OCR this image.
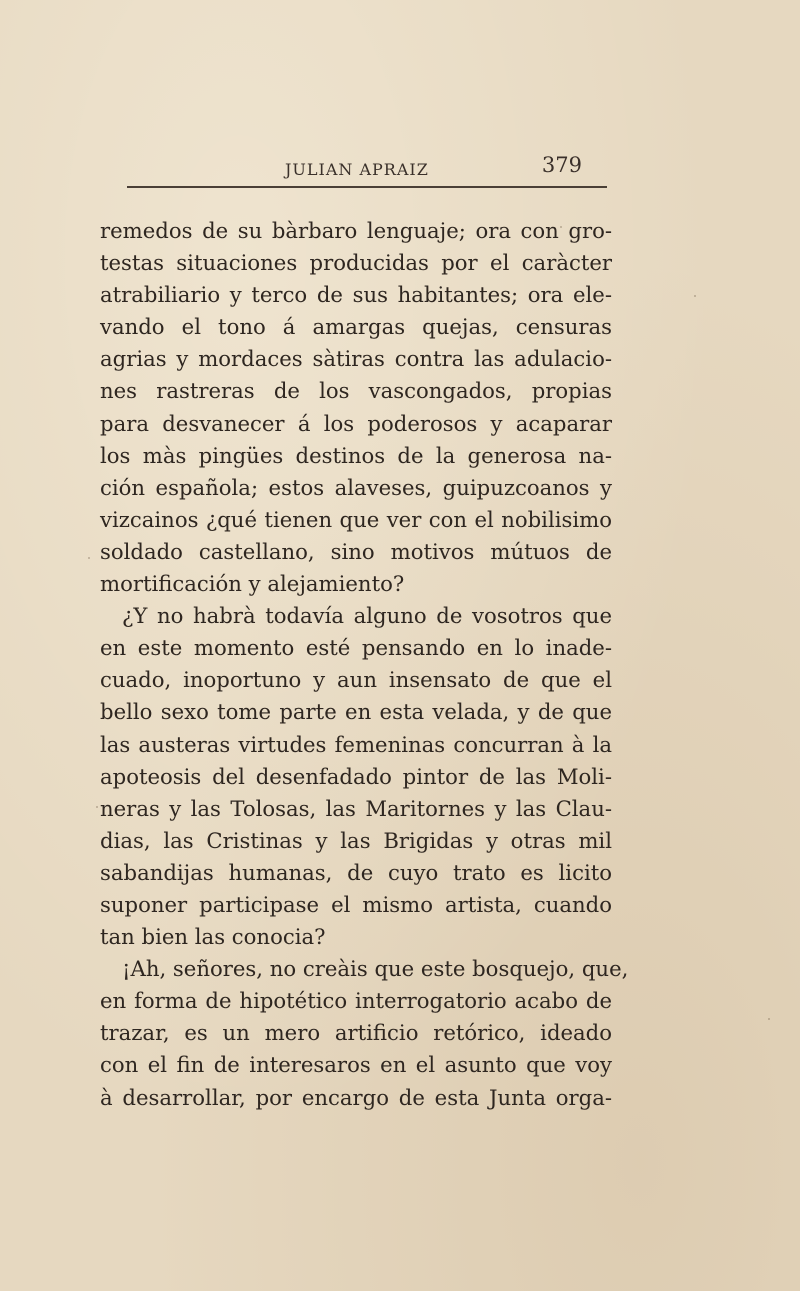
JULIAN APRAIZ	379
remedos de su bàrbaro lenguaje; ora con gro-
testas situaciones producidas por el caràcter
atrabiliario y terco de sus habitantes; ora ele-
vando el tono á amargas quejas, censuras
agrias y mordaces sàtiras contra las adulacio-
nes rastreras de los vascongados, propias
para desvanecer á los poderosos y acaparar
los màs pingües destinos de la generosa na-
ción española; estos alaveses, guipuzcoanos y
vizcainos ¿qué tienen que ver con el nobilisimo
soldado castellano, sino motivos mútuos de
mortificación y alejamiento?
¿Y no habrà todavía alguno de vosotros que
en este momento esté pensando en lo inade-
cuado, inoportuno y aun insensato de que el
bello sexo tome parte en esta velada, y de que
las austeras virtudes femeninas concurran à la
apoteosis del desenfadado pintor de las Moli-
neras y las Tolosas, las Maritornes y las Clau-
dias, las Cristinas y las Brigidas y otras mil
sabandijas humanas, de cuyo trato es licito
suponer participase el mismo artista, cuando
tan bien las conocia?
¡Ah, señores, no creàis que este bosquejo, que,
en forma de hipotético interrogatorio acabo de
trazar, es un mero artificio retórico, ideado
con el fin de interesaros en el asunto que voy
à desarrollar, por encargo de esta Junta orga-
